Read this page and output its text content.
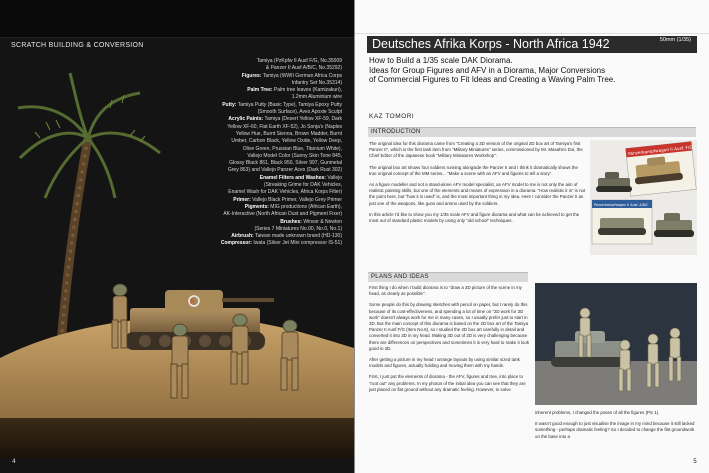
SCRATCH BUILDING & CONVERSION
R
Tamiya (PzKpfw II Ausf F/G, No.35009
& Panzer II Ausf A/B/C, No.35292)
Figures: Tamiya (WWII German Africa Corps
Infantry Set No.35314)
Palm Tree: Palm tree leaves (Kamizakuri),
1.2mm Aluminium wire
Putty: Tamiya Putty (Basic Type), Tamiya Epoxy Putty
(Smooth Surface), Aves Apoxie Sculpt
Acrylic Paints: Tamiya (Desert Yellow XF-59, Dark
Yellow XF-60, Flat Earth XF-52), Jo Sonja's (Naples
Yellow Hue, Burnt Sienna, Brown Madder, Burnt
Umber, Carbon Black, Yellow Oxide, Yellow Deep,
Olive Green, Prussian Blue, Titanium White),
Vallejo Model Color (Sunny Skin Tone 845,
Glossy Black 861, Black 950, Silver 997, Gunmetal
Grey 863) and Vallejo Panzer Aces (Dark Rust 302)
Enamel Filters and Washes: Vallejo
(Streaking Grime for DAK Vehicles,
Enamel Wash for DAK Vehicles, Africa Korps Filter)
Primer: Vallejo Black Primer, Vallejo Grey Primer
Pigments: MIG productions (African Earth),
AK-Interactive (North African Dust and Pigment Fixer)
Brushes: Winsor & Newton
(Series 7 Miniatures No.00, No.0, No.1)
Airbrush: Taiwan made unknown brand (HD-130)
Compressor: Iwata (Silver Jet Mini compressor IS-51)
4
Deutsches Afrika Korps - North Africa 1942	50mm (1/35)
How to Build a 1/35 scale DAK Diorama.
Ideas for Group Figures and AFV in a Diorama, Major Conversions
of Commercial Figures to Fit Ideas and Creating a Waving Palm Tree.
KAZ TOMORI
INTRODUCTION

The original idea for this diorama came from "Creating a 3D version of the original 2D box art of Tamiya's first Panzer II", which is the first tank item from "Military Miniatures" series, commissioned by Mr. Masahiro Doi, the Chief Editor of the Japanese book "Military Miniatures Workshop".

The original box art shows four soldiers running alongside the Panzer II and I think it dramatically shows the true original concept of the MM series... "Make a scene with an AFV and figures to tell a story".

As a figure modeller and not a stand-alone AFV model specialist, an AFV model to me is not only the aim of realistic painting skills, but one of the elements and means of expression in a diorama. "How realistic it is" is not the point here, but "how it is used" is, and the most important thing in my idea. Here I consider the Panzer II as just one of the weapons, like guns and ammo used by the soldiers.

In this article I'd like to show you my 1/35 scale AFV and figure diorama and what can be achieved to get the most out of standard plastic models by using only "old school" techniques.

Panzerkampfwagen II Ausf. F/G
Panzerkampfwagen II Ausf. A/B/C
PLANS AND IDEAS

First thing I do when I build diorama is to "draw a 3D picture of the scene in my head, as clearly as possible".

Some people do this by drawing sketches with pencil on paper, but I rarely do this because of its cost-effectiveness, and spending a lot of time on "2D work for 3D work" doesn't always work for me in many cases, so I usually prefer just to start in 3D. But the main concept of this diorama is based on the 2D box art of the Tamiya Panzer II Ausf F/G (Item No.9), so I studied the 2D box art carefully in detail and converted it into 3D in my head. Making 3D out of 2D is very challenging because there are differences on perspectives and sometimes it is very hard to make it look good in 3D.

After getting a picture in my head I arrange layouts by using similar sized tank models and figures, actually holding and moving them with my hands.

First, I just put the elements of diorama - the AFV, figures and tree, into place to "root out" any problems. In my photos of the initial idea you can see that they are just placed on flat ground without any dramatic feeling. However, to solve

inherent problems, I changed the poses of all the figures (Pic 1).

It wasn't good enough to just visualise the image in my mind because it still lacked something - perhaps dramatic feeling? So I decided to change the flat groundwork on the base into a

5
